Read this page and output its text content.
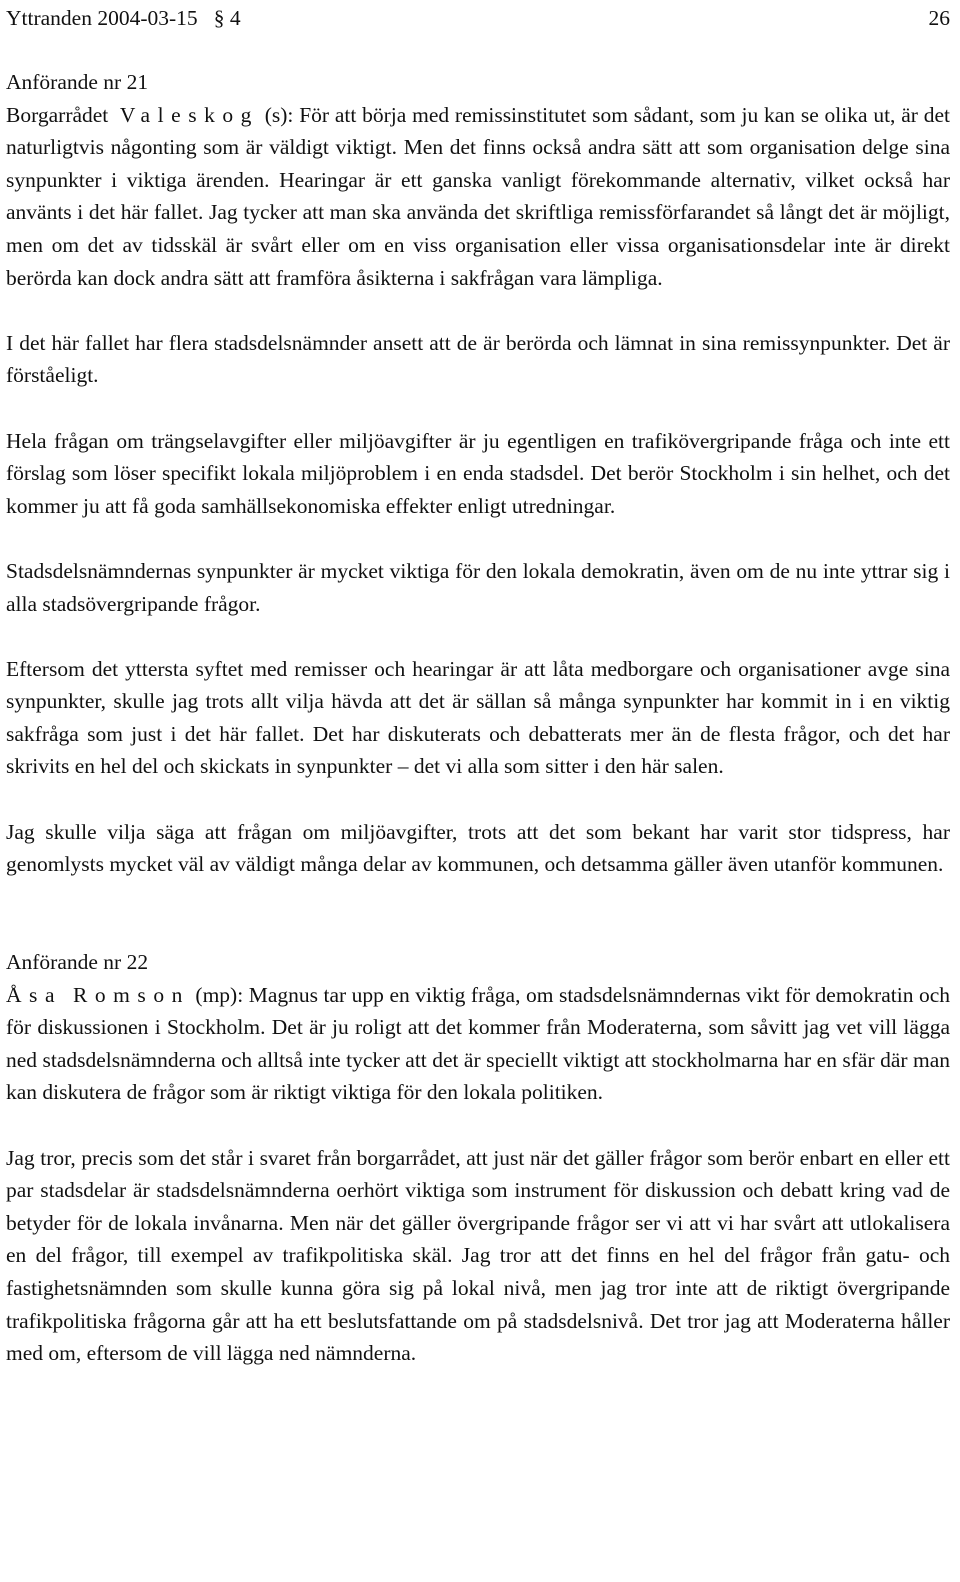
Yttranden 2004-03-15   § 4	26
Anförande nr 21

Borgarrådet Valeskog (s): För att börja med remissinstitutet som sådant, som ju kan se olika ut, är det naturligtvis någonting som är väldigt viktigt. Men det finns också andra sätt att som organisation delge sina synpunkter i viktiga ärenden. Hearingar är ett ganska vanligt förekommande alternativ, vilket också har använts i det här fallet. Jag tycker att man ska använda det skriftliga remissförfarandet så långt det är möjligt, men om det av tidsskäl är svårt eller om en viss organisation eller vissa organisationsdelar inte är direkt berörda kan dock andra sätt att framföra åsikterna i sakfrågan vara lämpliga.

I det här fallet har flera stadsdelsnämnder ansett att de är berörda och lämnat in sina remissynpunkter. Det är förståeligt.

Hela frågan om trängselavgifter eller miljöavgifter är ju egentligen en trafikövergripande fråga och inte ett förslag som löser specifikt lokala miljöproblem i en enda stadsdel. Det berör Stockholm i sin helhet, och det kommer ju att få goda samhällsekonomiska effekter enligt utredningar.

Stadsdelsnämndernas synpunkter är mycket viktiga för den lokala demokratin, även om de nu inte yttrar sig i alla stadsövergripande frågor.

Eftersom det yttersta syftet med remisser och hearingar är att låta medborgare och organisationer avge sina synpunkter, skulle jag trots allt vilja hävda att det är sällan så många synpunkter har kommit in i en viktig sakfråga som just i det här fallet. Det har diskuterats och debatterats mer än de flesta frågor, och det har skrivits en hel del och skickats in synpunkter – det vi alla som sitter i den här salen.

Jag skulle vilja säga att frågan om miljöavgifter, trots att det som bekant har varit stor tidspress, har genomlysts mycket väl av väldigt många delar av kommunen, och detsamma gäller även utanför kommunen.

Anförande nr 22

Åsa Romson (mp): Magnus tar upp en viktig fråga, om stadsdelsnämndernas vikt för demokratin och för diskussionen i Stockholm. Det är ju roligt att det kommer från Moderaterna, som såvitt jag vet vill lägga ned stadsdelsnämnderna och alltså inte tycker att det är speciellt viktigt att stockholmarna har en sfär där man kan diskutera de frågor som är riktigt viktiga för den lokala politiken.

Jag tror, precis som det står i svaret från borgarrådet, att just när det gäller frågor som berör enbart en eller ett par stadsdelar är stadsdelsnämnderna oerhört viktiga som instrument för diskussion och debatt kring vad de betyder för de lokala invånarna. Men när det gäller övergripande frågor ser vi att vi har svårt att utlokalisera en del frågor, till exempel av trafikpolitiska skäl. Jag tror att det finns en hel del frågor från gatu- och fastighetsnämnden som skulle kunna göra sig på lokal nivå, men jag tror inte att de riktigt övergripande trafikpolitiska frågorna går att ha ett beslutsfattande om på stadsdelsnivå. Det tror jag att Moderaterna håller med om, eftersom de vill lägga ned nämnderna.
